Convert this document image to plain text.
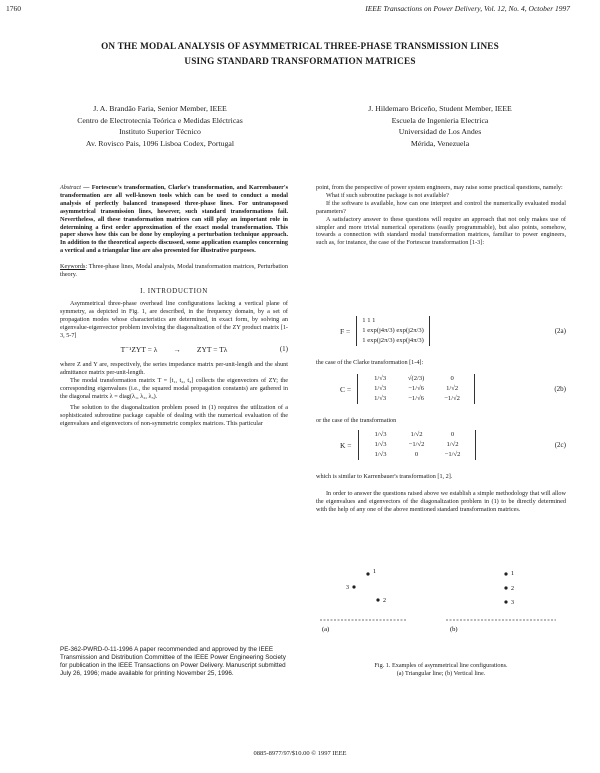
1760	IEEE Transactions on Power Delivery, Vol. 12, No. 4, October 1997
ON THE MODAL ANALYSIS OF ASYMMETRICAL THREE-PHASE TRANSMISSION LINES
USING STANDARD TRANSFORMATION MATRICES
J. A. Brandão Faria, Senior Member, IEEE
Centro de Electrotecnia Teórica e Medidas Eléctricas
Instituto Superior Técnico
Av. Rovisco Pais, 1096 Lisboa Codex, Portugal
J. Hildemaro Briceño, Student Member, IEEE
Escuela de Ingenieria Electrica
Universidad de Los Andes
Mérida, Venezuela

Abstract — Fortescue's transformation, Clarke's transformation, and Karrenbauer's transformation are all well-known tools which can be used to conduct a modal analysis of perfectly balanced transposed three-phase lines. For untransposed asymmetrical transmission lines, however, such standard transformations fail. Nevertheless, all these transformation matrices can still play an important role in determining a first order approximation of the exact modal transformation. This paper shows how this can be done by employing a perturbation technique approach. In addition to the theoretical aspects discussed, some application examples concerning a vertical and a triangular line are also presented for illustrative purposes.

Keywords: Three-phase lines, Modal analysis, Modal transformation matrices, Perturbation theory.

I. INTRODUCTION

Asymmetrical three-phase overhead line configurations lacking a vertical plane of symmetry, as depicted in Fig. 1, are described, in the frequency domain, by a set of propagation modes whose characteristics are determined, in exact form, by solving an eigenvalue-eigenvector problem involving the diagonalization of the ZY product matrix [1-3, 5-7]

T⁻¹ZYT = λ → ZYT = Tλ	(1)

where Z and Y are, respectively, the series impedance matrix per-unit-length and the shunt admittance matrix per-unit-length.

The modal transformation matrix T = [t₁, t₂, t₃] collects the eigenvectors of ZY; the corresponding eigenvalues (i.e., the squared modal propagation constants) are gathered in the diagonal matrix λ = diag(λ₁, λ₂, λ₃).

The solution to the diagonalization problem posed in (1) requires the utilization of a sophisticated subroutine package capable of dealing with the numerical evaluation of the eigenvalues and eigenvectors of non-symmetric complex matrices. This particular

PE-362-PWRD-0-11-1996 A paper recommended and approved by the IEEE Transmission and Distribution Committee of the IEEE Power Engineering Society for publication in the IEEE Transactions on Power Delivery. Manuscript submitted July 26, 1996; made available for printing November 25, 1996.

point, from the perspective of power system engineers, may raise some practical questions, namely:

What if such subroutine package is not available?

If the software is available, how can one interpret and control the numerically evaluated modal parameters?

A satisfactory answer to these questions will require an approach that not only makes use of simpler and more trivial numerical operations (easily programmable), but also points, somehow, towards a connection with standard modal transformation matrices, familiar to power engineers, such as, for instance, the case of the Fortescue transformation [1-3]:

F =
1 1 1
1 exp(j4π/3) exp(j2π/3)
1 exp(j2π/3) exp(j4π/3)
(2a)
the case of the Clarke transformation [1-4]:
C =
1/√3	√(2/3)	0
1/√3	−1/√6	1/√2
1/√3	−1/√6	−1/√2
(2b)
or the case of the transformation
K =
1/√3	1/√2	0
1/√3	−1/√2	1/√2
1/√3	0	−1/√2
(2c)
which is similar to Karrenbauer's transformation [1, 2].
In order to answer the questions raised above we establish a simple methodology that will allow the eigenvalues and eigenvectors of the diagonalization problem in (1) to be directly determined with the help of any one of the above mentioned standard transformation matrices.
1
3
2
1
2
3
(a)	(b)
Fig. 1. Examples of asymmetrical line configurations.
(a) Triangular line; (b) Vertical line.
0885-8977/97/$10.00 © 1997 IEEE
